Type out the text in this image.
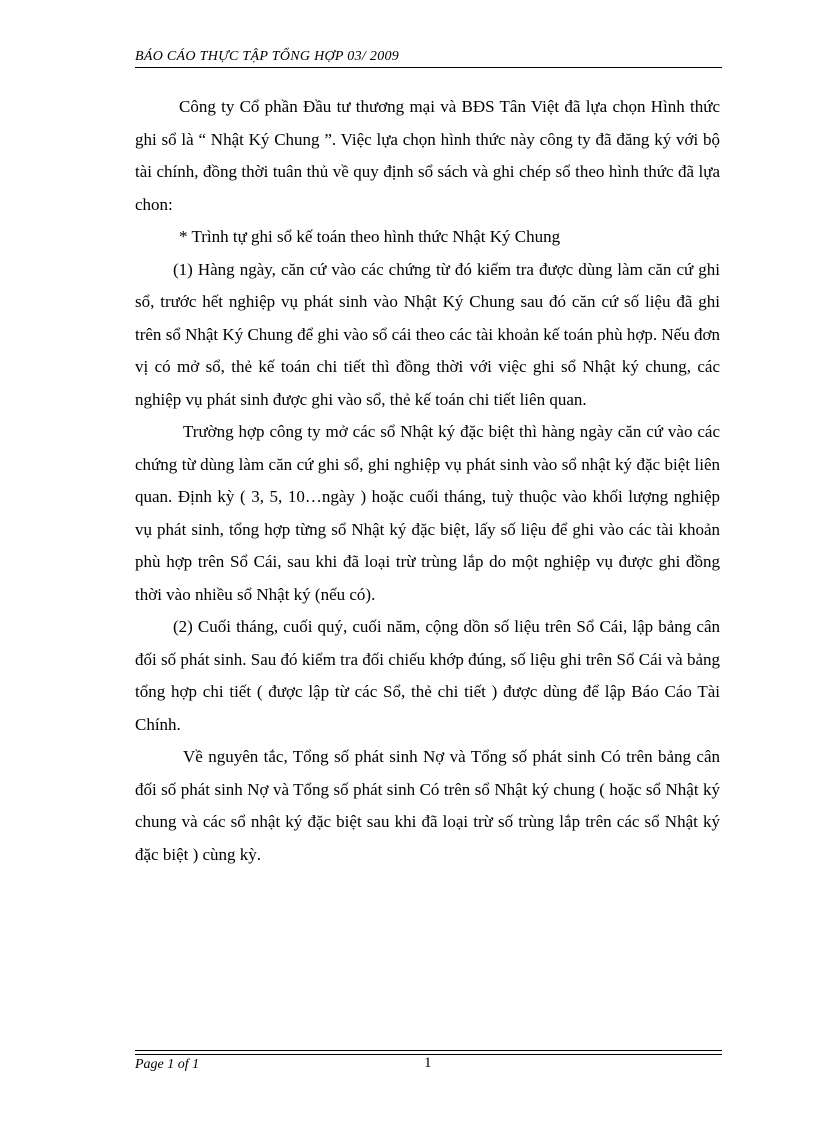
BÁO CÁO THỰC TẬP TỔNG HỢP 03/ 2009

Công ty Cổ phần Đầu tư thương mại và BĐS Tân Việt đã lựa chọn Hình thức ghi sổ là “ Nhật Ký Chung ”. Việc lựa chọn hình thức này công ty đã đăng ký với bộ tài chính, đồng thời tuân thủ về quy định sổ sách và ghi chép sổ theo hình thức đã lựa chon:

* Trình tự ghi sổ kế toán theo hình thức Nhật Ký Chung

(1) Hàng ngày, căn cứ vào các chứng từ đó kiểm tra được dùng làm căn cứ ghi sổ, trước hết nghiệp vụ phát sinh vào Nhật Ký Chung sau đó căn cứ số liệu đã ghi trên sổ Nhật Ký Chung để ghi vào sổ cái theo các tài khoản kế toán phù hợp. Nếu đơn vị có mở sổ, thẻ kế toán chi tiết thì đồng thời với việc ghi sổ Nhật ký chung, các nghiệp vụ phát sinh được ghi vào sổ, thẻ kế toán chi tiết liên quan.

Trường hợp công ty mở các sổ Nhật ký đặc biệt thì hàng ngày căn cứ vào các chứng từ dùng làm căn cứ ghi sổ, ghi nghiệp vụ phát sinh vào sổ nhật ký đặc biệt liên quan. Định kỳ ( 3, 5, 10…ngày ) hoặc cuối tháng, tuỳ thuộc vào khối lượng nghiệp vụ phát sinh, tổng hợp từng sổ Nhật ký đặc biệt, lấy số liệu để ghi vào các tài khoản phù hợp trên Sổ Cái, sau khi đã loại trừ trùng lắp do một nghiệp vụ được ghi đồng thời vào nhiều sổ Nhật ký (nếu có).

(2) Cuối tháng, cuối quý, cuối năm, cộng dồn số liệu trên Sổ Cái, lập bảng cân đối số phát sinh. Sau đó kiểm tra đối chiếu khớp đúng, số liệu ghi trên Sổ Cái và bảng tổng hợp chi tiết ( được lập từ các Sổ, thẻ chi tiết ) được dùng để lập Báo Cáo Tài Chính.

Về nguyên tắc, Tổng số phát sinh Nợ và Tổng số phát sinh Có trên bảng cân đối số phát sinh Nợ và Tổng số phát sinh Có trên sổ Nhật ký chung ( hoặc sổ Nhật ký chung và các sổ nhật ký đặc biệt sau khi đã loại trừ số trùng lắp trên các sổ Nhật ký đặc biệt ) cùng kỳ.

Page 1 of 1	1
